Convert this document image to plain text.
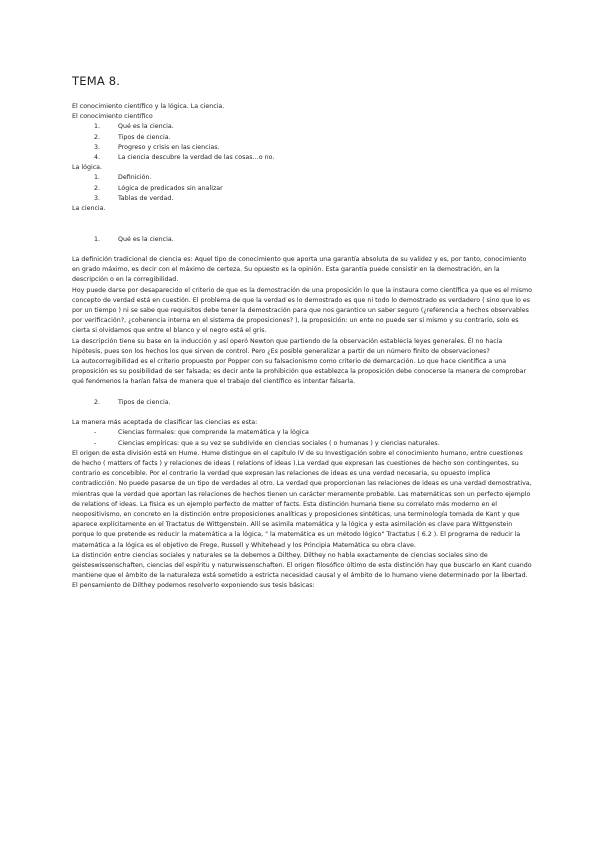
TEMA 8.

El conocimiento científico y la lógica. La ciencia.

El conocimiento científico

1.	Qué es la ciencia.
2.	Tipos de ciencia.
3.	Progreso y crisis en las ciencias.
4.	La ciencia descubre la verdad de las cosas…o no.

La lógica.

1.	Definición.
2.	Lógica de predicados sin analizar
3.	Tablas de verdad.

La ciencia.

1.	Qué es la ciencia.

La definición tradicional de ciencia es: Aquel tipo de conocimiento que aporta una garantía absoluta de su validez y es, por tanto, conocimiento en grado máximo, es decir con el máximo de certeza. Su opuesto es la opinión. Esta garantía puede consistir en la demostración, en la descripción o en la corregibilidad.

Hoy puede darse por desaparecido el criterio de que es la demostración de una proposición lo que la instaura como científica ya que es el mismo concepto de verdad está en cuestión. El problema de que la verdad es lo demostrado es que ni todo lo demostrado es verdadero ( sino que lo es por un tiempo ) ni se sabe que requisitos debe tener la demostración para que nos garantice un saber seguro (¿referencia a hechos observables por verificación?, ¿coherencia interna en el sistema de proposiciones? ), la proposición: un ente no puede ser sí mismo y su contrario, solo es cierta si olvidamos que entre el blanco y el negro está el gris.

La descripción tiene su base en la inducción y así operó Newton que partiendo de la observación establecía leyes generales. Él no hacía hipótesis, pues son los hechos los que sirven de control. Pero ¿Es posible generalizar a partir de un número finito de observaciones?

La autocorregibilidad es el criterio propuesto por Popper con su falsacionismo como criterio de demarcación. Lo que hace científica a una proposición es su posibilidad de ser falsada; es decir ante la prohibición que establezca la proposición debe conocerse la manera de comprobar qué fenómenos la harían falsa de manera que el trabajo del científico es intentar falsarla.

2.	Tipos de ciencia.

La manera más aceptada de clasificar las ciencias es esta:

-	Ciencias formales: que comprende la matemática y la lógica
-	Ciencias empíricas: que a su vez se subdivide en ciencias sociales ( o humanas ) y ciencias naturales.

El origen de esta división está en Hume. Hume distingue en el capítulo IV de su Investigación sobre el conocimiento humano, entre cuestiones de hecho ( matters of facts ) y relaciones de ideas ( relations of ideas ).La verdad que expresan las cuestiones de hecho son contingentes, su contrario es concebible. Por el contrario la verdad que expresan las relaciones de ideas es una verdad necesaria, su opuesto implica contradicción. No puede pasarse de un tipo de verdades al otro. La verdad que proporcionan las relaciones de ideas es una verdad demostrativa, mientras que la verdad que aportan las relaciones de hechos tienen un carácter meramente probable. Las matemáticas son un perfecto ejemplo de relations of ideas. La física es un ejemplo perfecto de matter of facts. Esta distinción humana tiene su correlato más moderno en el neopositivismo, en concreto en la distinción entre proposiciones analíticas y proposiciones sintéticas, una terminología tomada de Kant y que aparece explícitamente en el Tractatus de Wittgenstein. Allí se asimila matemática y la lógica y esta asimilación es clave para Wittgenstein porque lo que pretende es reducir la matemática a la lógica, " la matemática es un método lógico" Tractatus ( 6.2 ). El programa de reducir la matemática a la lógica es el objetivo de Frege, Russell y Whitehead y los Principia Matemática su obra clave.

La distinción entre ciencias sociales y naturales se la debemos a Dilthey. Dilthey no habla exactamente de ciencias sociales sino de geisteswissenschaften, ciencias del espíritu y naturwissenschaften. El origen filosófico último de esta distinción hay que buscarlo en Kant cuando mantiene que el ámbito de la naturaleza está sometido a estricta necesidad causal y el ámbito de lo humano viene determinado por la libertad. El pensamiento de Dilthey podemos resolverlo exponiendo sus tesis básicas:
